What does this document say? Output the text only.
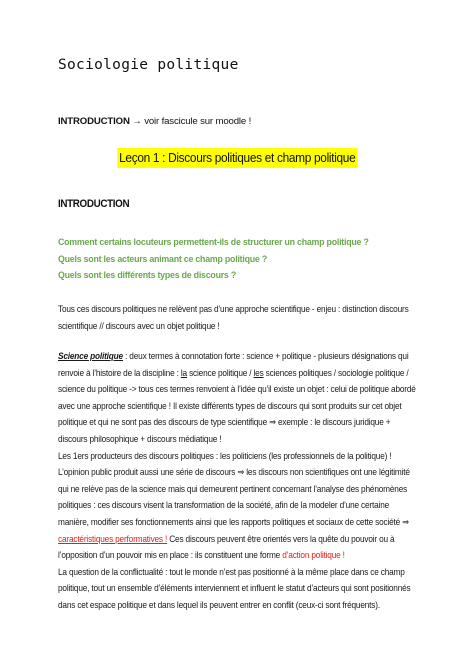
Sociologie politique
INTRODUCTION → voir fascicule sur moodle !
Leçon 1 : Discours politiques et champ politique
INTRODUCTION
Comment certains locuteurs permettent-ils de structurer un champ politique ?
Quels sont les acteurs animant ce champ politique ?
Quels sont les différents types de discours ?
Tous ces discours politiques ne relèvent pas d’une approche scientifique - enjeu : distinction discours
scientifique // discours avec un objet politique !
Science politique : deux termes à connotation forte : science + politique - plusieurs désignations qui
renvoie à l’histoire de la discipline : la science politique / les sciences politiques / sociologie politique /
science du politique -> tous ces termes renvoient à l’idée qu’il existe un objet : celui de politique abordé
avec une approche scientifique ! Il existe différents types de discours qui sont produits sur cet objet
politique et qui ne sont pas des discours de type scientifique ⇒ exemple : le discours juridique +
discours philosophique + discours médiatique !
Les 1ers producteurs des discours politiques : les politiciens (les professionnels de la politique) !
L’opinion public produit aussi une série de discours ⇒ les discours non scientifiques ont une légitimité
qui ne relève pas de la science mais qui demeurent pertinent concernant l’analyse des phénomènes
politiques : ces discours visent la transformation de la société, afin de la modeler d’une certaine
manière, modifier ses fonctionnements ainsi que les rapports politiques et sociaux de cette société ⇒
caractéristiques performatives ! Ces discours peuvent être orientés vers la quête du pouvoir ou à
l’opposition d’un pouvoir mis en place : ils constituent une forme d’action politique !
La question de la conflictualité : tout le monde n’est pas positionné à la même place dans ce champ
politique, tout un ensemble d’éléments interviennent et influent le statut d’acteurs qui sont positionnés
dans cet espace politique et dans lequel ils peuvent entrer en conflit (ceux-ci sont fréquents).
